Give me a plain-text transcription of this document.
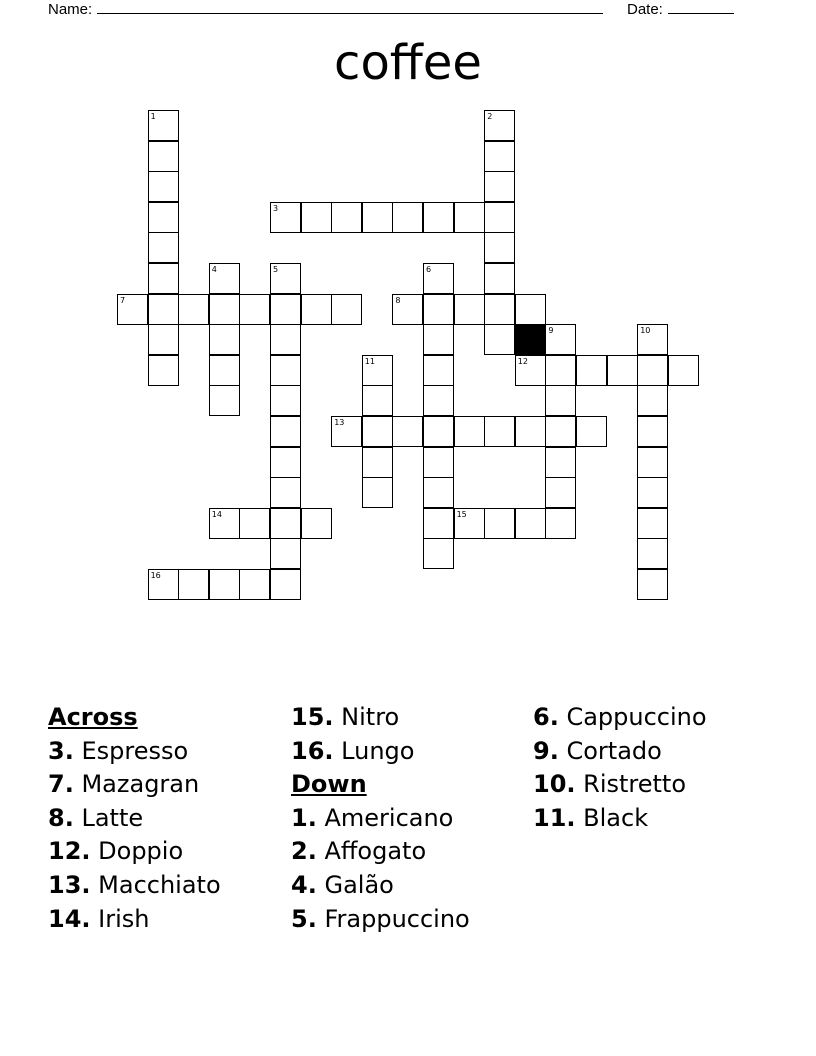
Name:	Date:
coffee
1	2
3
4	5	6
7	8
9	10
11	12
13
14	15
16
Across
3. Espresso
7. Mazagran
8. Latte
12. Doppio
13. Macchiato
14. Irish
15. Nitro
16. Lungo
Down
1. Americano
2. Affogato
4. Galão
5. Frappuccino
6. Cappuccino
9. Cortado
10. Ristretto
11. Black
